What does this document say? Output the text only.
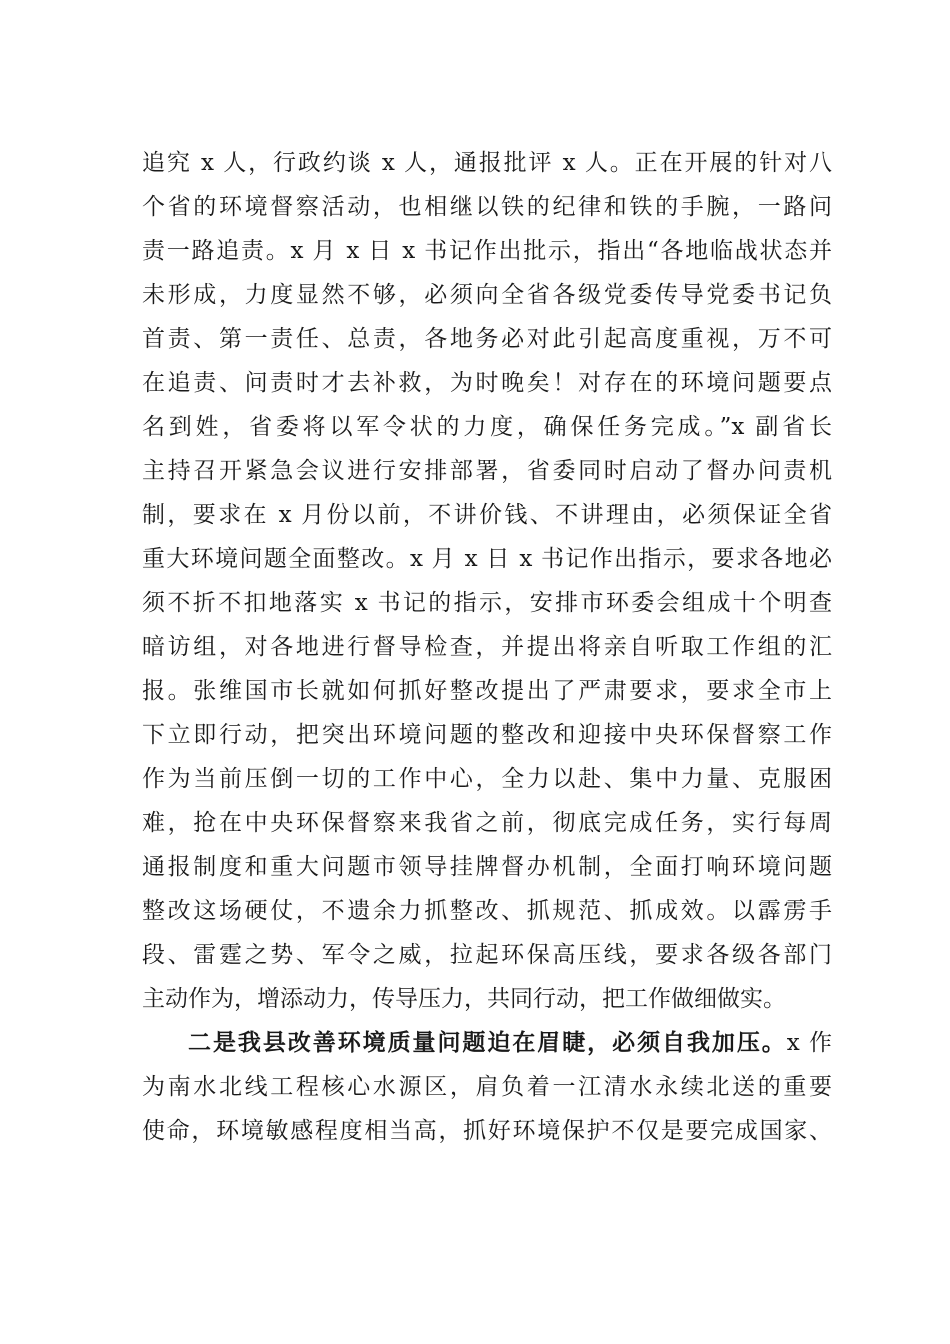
追究 x 人，行政约谈 x 人，通报批评 x 人。正在开展的针对八
个省的环境督察活动，也相继以铁的纪律和铁的手腕，一路问
责一路追责。x 月 x 日 x 书记作出批示，指出“各地临战状态并
未形成，力度显然不够，必须向全省各级党委传导党委书记负
首责、第一责任、总责，各地务必对此引起高度重视，万不可
在追责、问责时才去补救，为时晚矣！对存在的环境问题要点
名到姓，省委将以军令状的力度，确保任务完成。”x 副省长
主持召开紧急会议进行安排部署，省委同时启动了督办问责机
制，要求在 x 月份以前，不讲价钱、不讲理由，必须保证全省
重大环境问题全面整改。x 月 x 日 x 书记作出指示，要求各地必
须不折不扣地落实 x 书记的指示，安排市环委会组成十个明查
暗访组，对各地进行督导检查，并提出将亲自听取工作组的汇
报。张维国市长就如何抓好整改提出了严肃要求，要求全市上
下立即行动，把突出环境问题的整改和迎接中央环保督察工作
作为当前压倒一切的工作中心，全力以赴、集中力量、克服困
难，抢在中央环保督察来我省之前，彻底完成任务，实行每周
通报制度和重大问题市领导挂牌督办机制，全面打响环境问题
整改这场硬仗，不遗余力抓整改、抓规范、抓成效。以霹雳手
段、雷霆之势、军令之威，拉起环保高压线，要求各级各部门
主动作为，增添动力，传导压力，共同行动，把工作做细做实。
二是我县改善环境质量问题迫在眉睫，必须自我加压。x 作
为南水北线工程核心水源区，肩负着一江清水永续北送的重要
使命，环境敏感程度相当高，抓好环境保护不仅是要完成国家、
